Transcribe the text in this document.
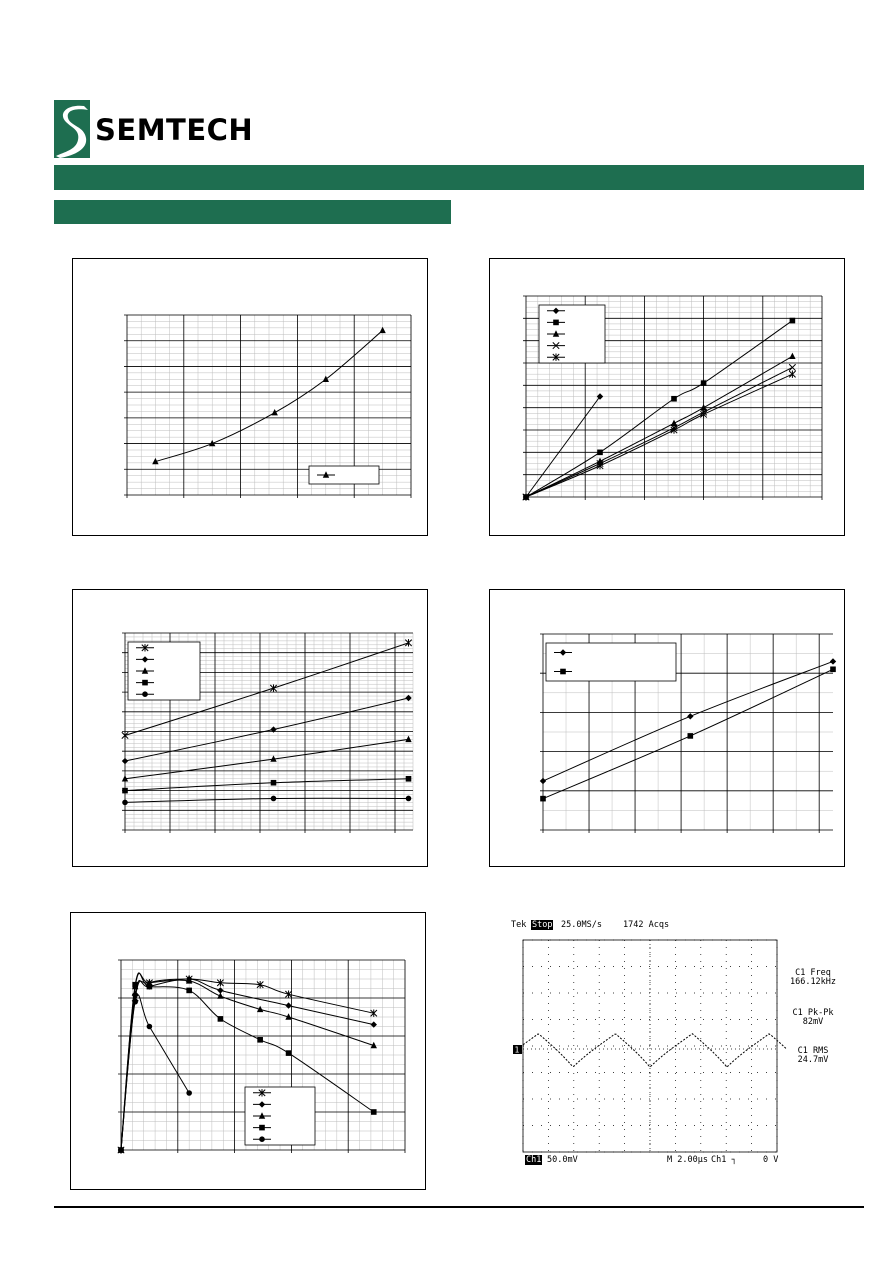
SEMTECH
Tek Stop 25.0MS/s 1742 Acqs
1
C1 Freq
166.12kHz
C1 Pk-Pk
82mV
C1 RMS
24.7mV
Ch1 50.0mV	M 2.00µs Ch1 ┐	0 V
